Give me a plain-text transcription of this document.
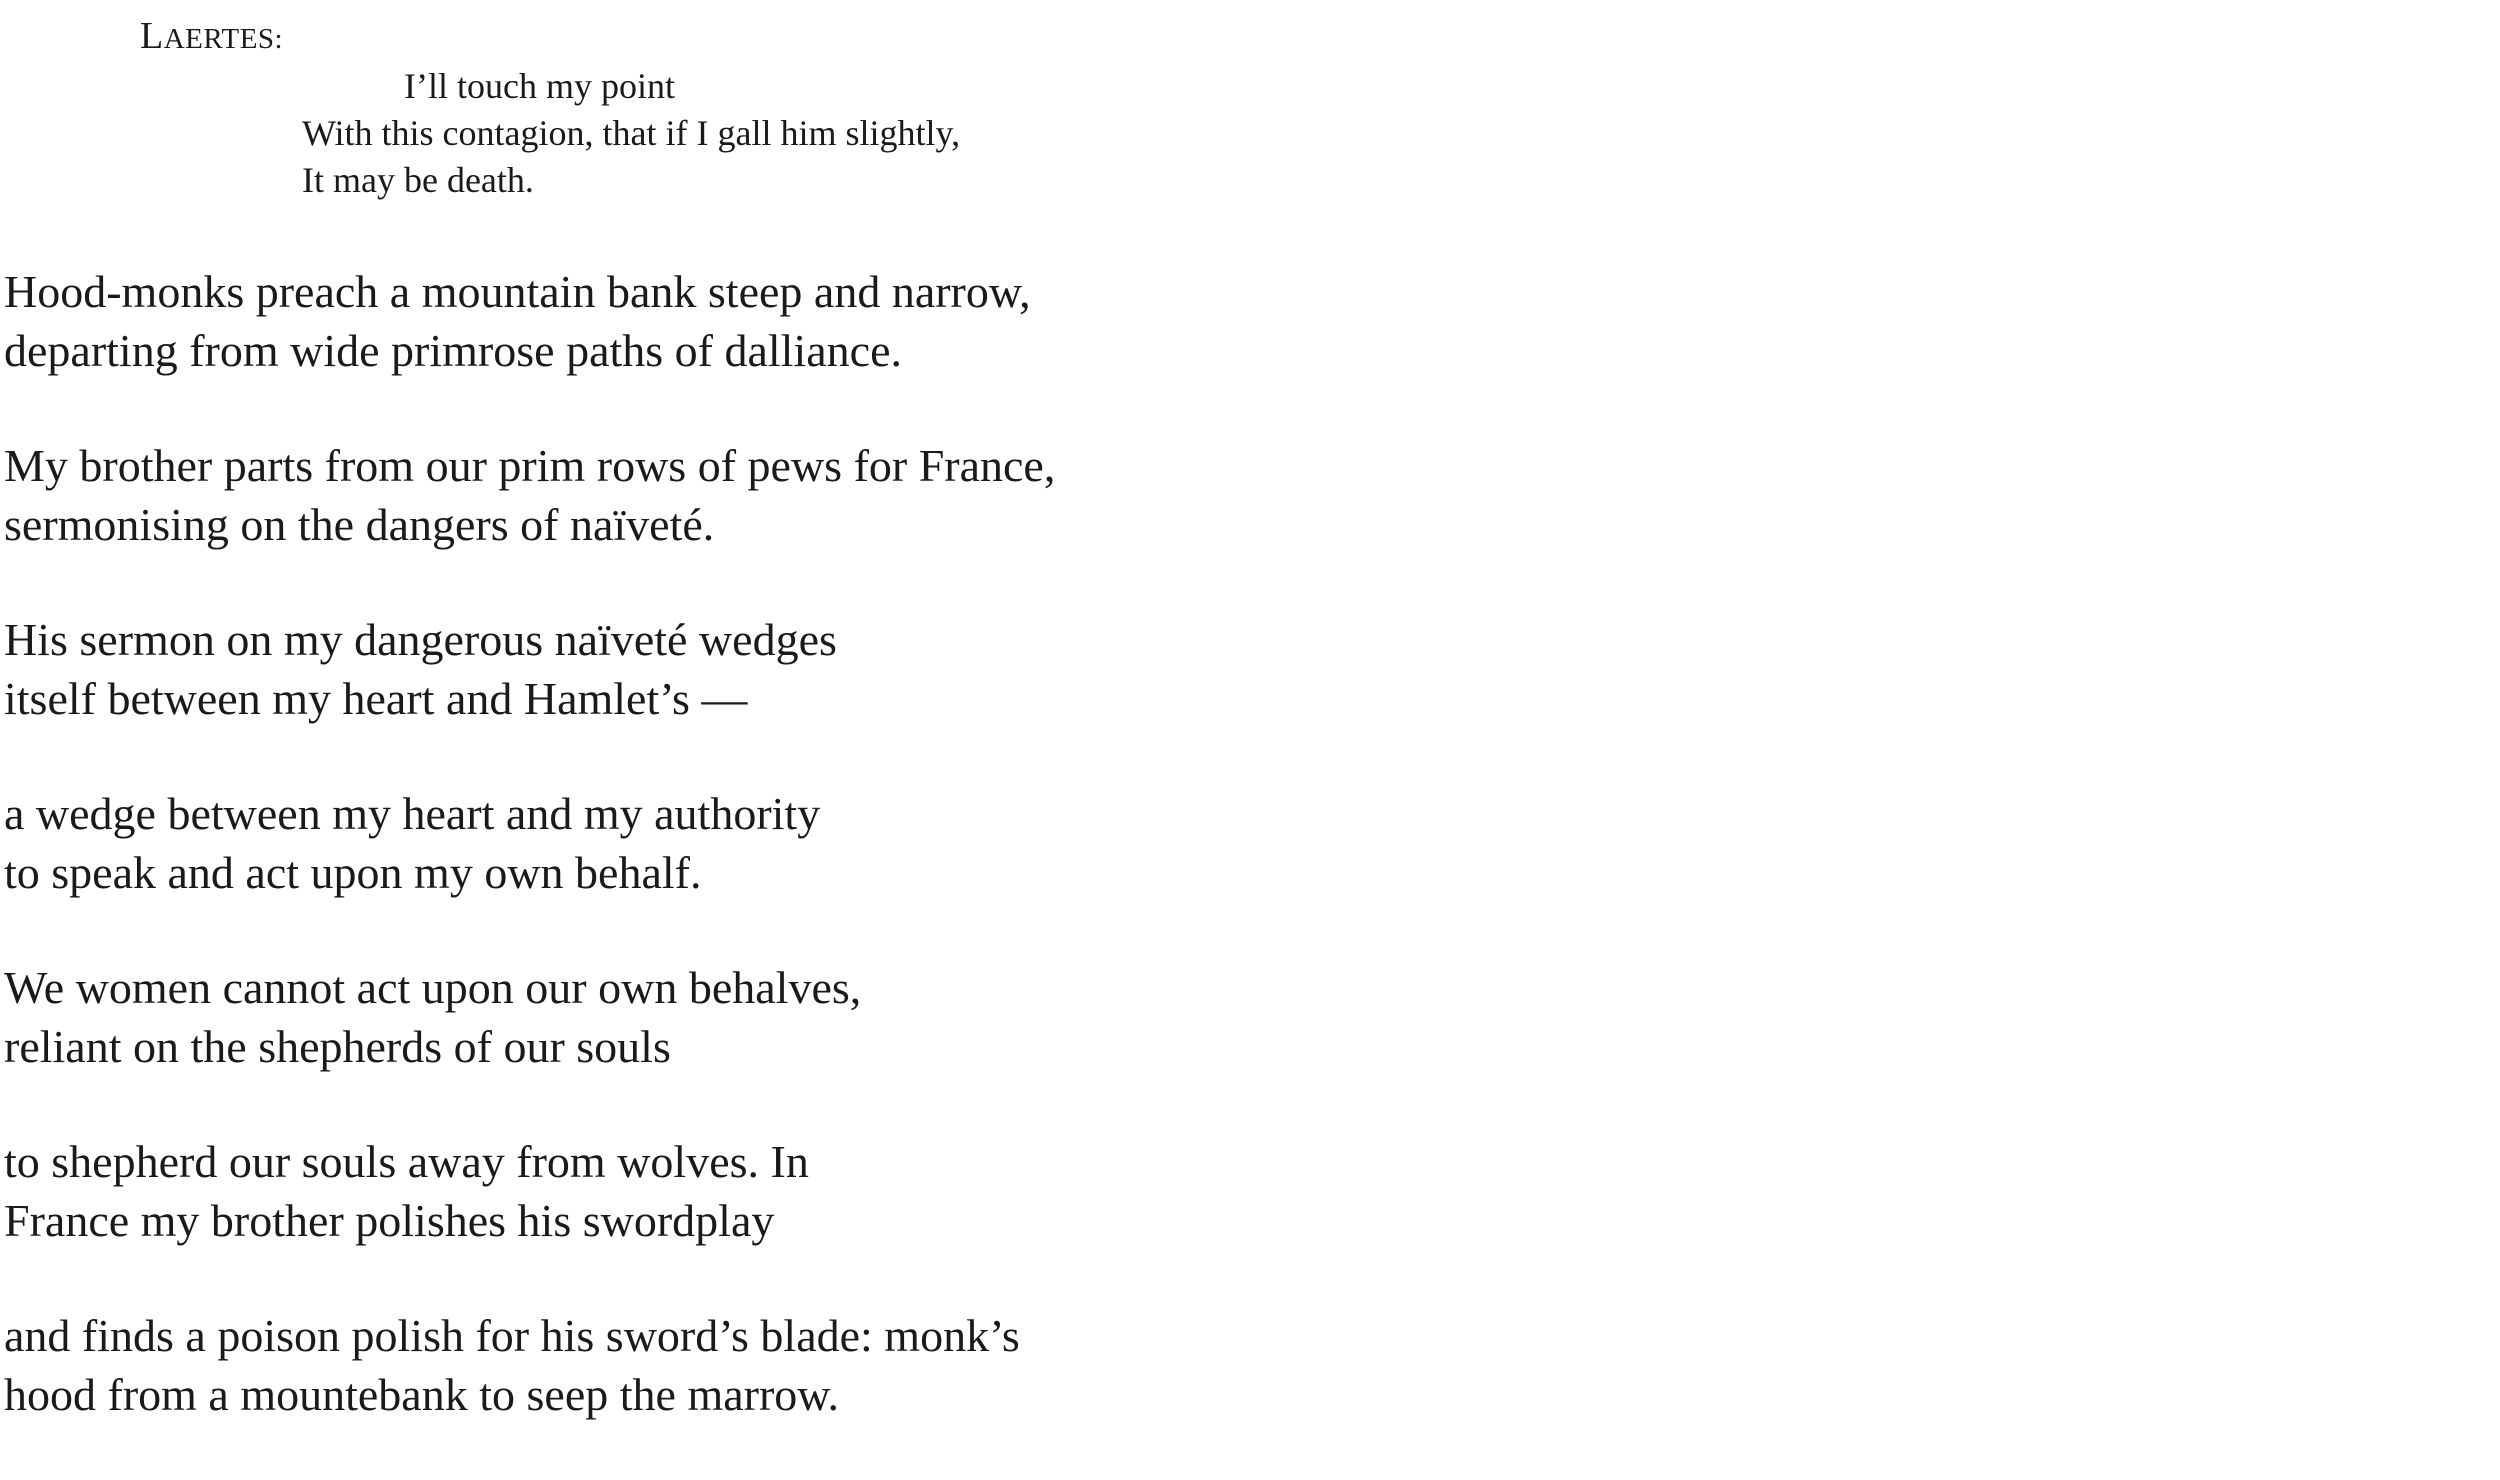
LAERTES:
I’ll touch my point
With this contagion, that if I gall him slightly,
It may be death.
Hood-monks preach a mountain bank steep and narrow,
departing from wide primrose paths of dalliance.
My brother parts from our prim rows of pews for France,
sermonising on the dangers of naïveté.
His sermon on my dangerous naïveté wedges
itself between my heart and Hamlet’s —
a wedge between my heart and my authority
to speak and act upon my own behalf.
We women cannot act upon our own behalves,
reliant on the shepherds of our souls
to shepherd our souls away from wolves. In
France my brother polishes his swordplay
and finds a poison polish for his sword’s blade: monk’s
hood from a mountebank to seep the marrow.
